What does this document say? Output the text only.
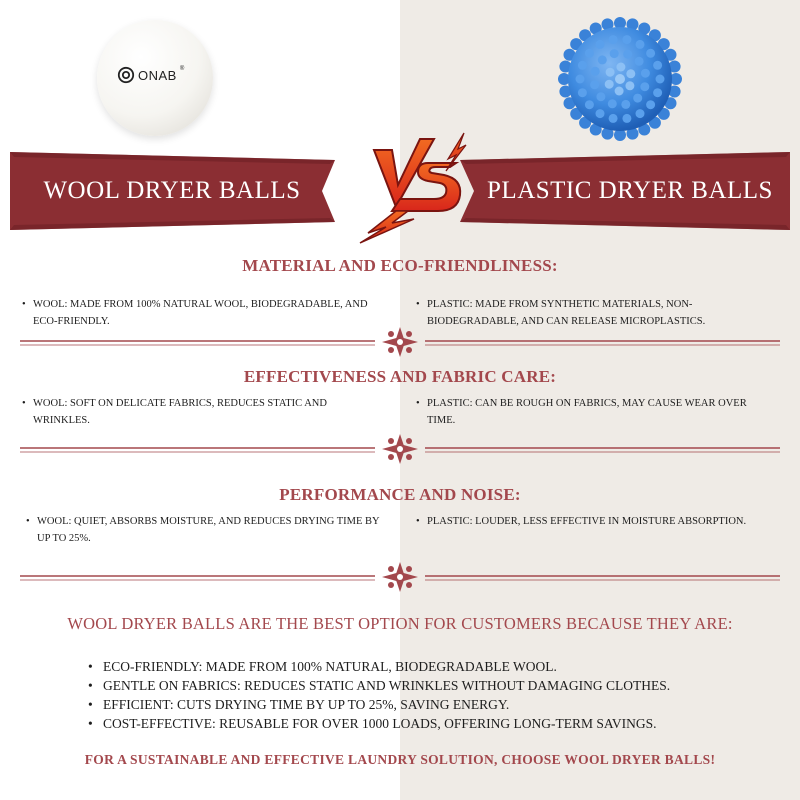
ONAB ®
WOOL DRYER BALLS	PLASTIC DRYER BALLS
MATERIAL AND ECO-FRIENDLINESS:
• WOOL: MADE FROM 100% NATURAL WOOL, BIODEGRADABLE, AND ECO-FRIENDLY.
• PLASTIC: MADE FROM SYNTHETIC MATERIALS, NON-BIODEGRADABLE, AND CAN RELEASE MICROPLASTICS.
EFFECTIVENESS AND FABRIC CARE:
• WOOL: SOFT ON DELICATE FABRICS, REDUCES STATIC AND WRINKLES.
• PLASTIC: CAN BE ROUGH ON FABRICS, MAY CAUSE WEAR OVER TIME.
PERFORMANCE AND NOISE:
• WOOL: QUIET, ABSORBS MOISTURE, AND REDUCES DRYING TIME BY UP TO 25%.
• PLASTIC: LOUDER, LESS EFFECTIVE IN MOISTURE ABSORPTION.
WOOL DRYER BALLS ARE THE BEST OPTION FOR CUSTOMERS BECAUSE THEY ARE:
• ECO-FRIENDLY: MADE FROM 100% NATURAL, BIODEGRADABLE WOOL.
• GENTLE ON FABRICS: REDUCES STATIC AND WRINKLES WITHOUT DAMAGING CLOTHES.
• EFFICIENT: CUTS DRYING TIME BY UP TO 25%, SAVING ENERGY.
• COST-EFFECTIVE: REUSABLE FOR OVER 1000 LOADS, OFFERING LONG-TERM SAVINGS.
FOR A SUSTAINABLE AND EFFECTIVE LAUNDRY SOLUTION, CHOOSE WOOL DRYER BALLS!
